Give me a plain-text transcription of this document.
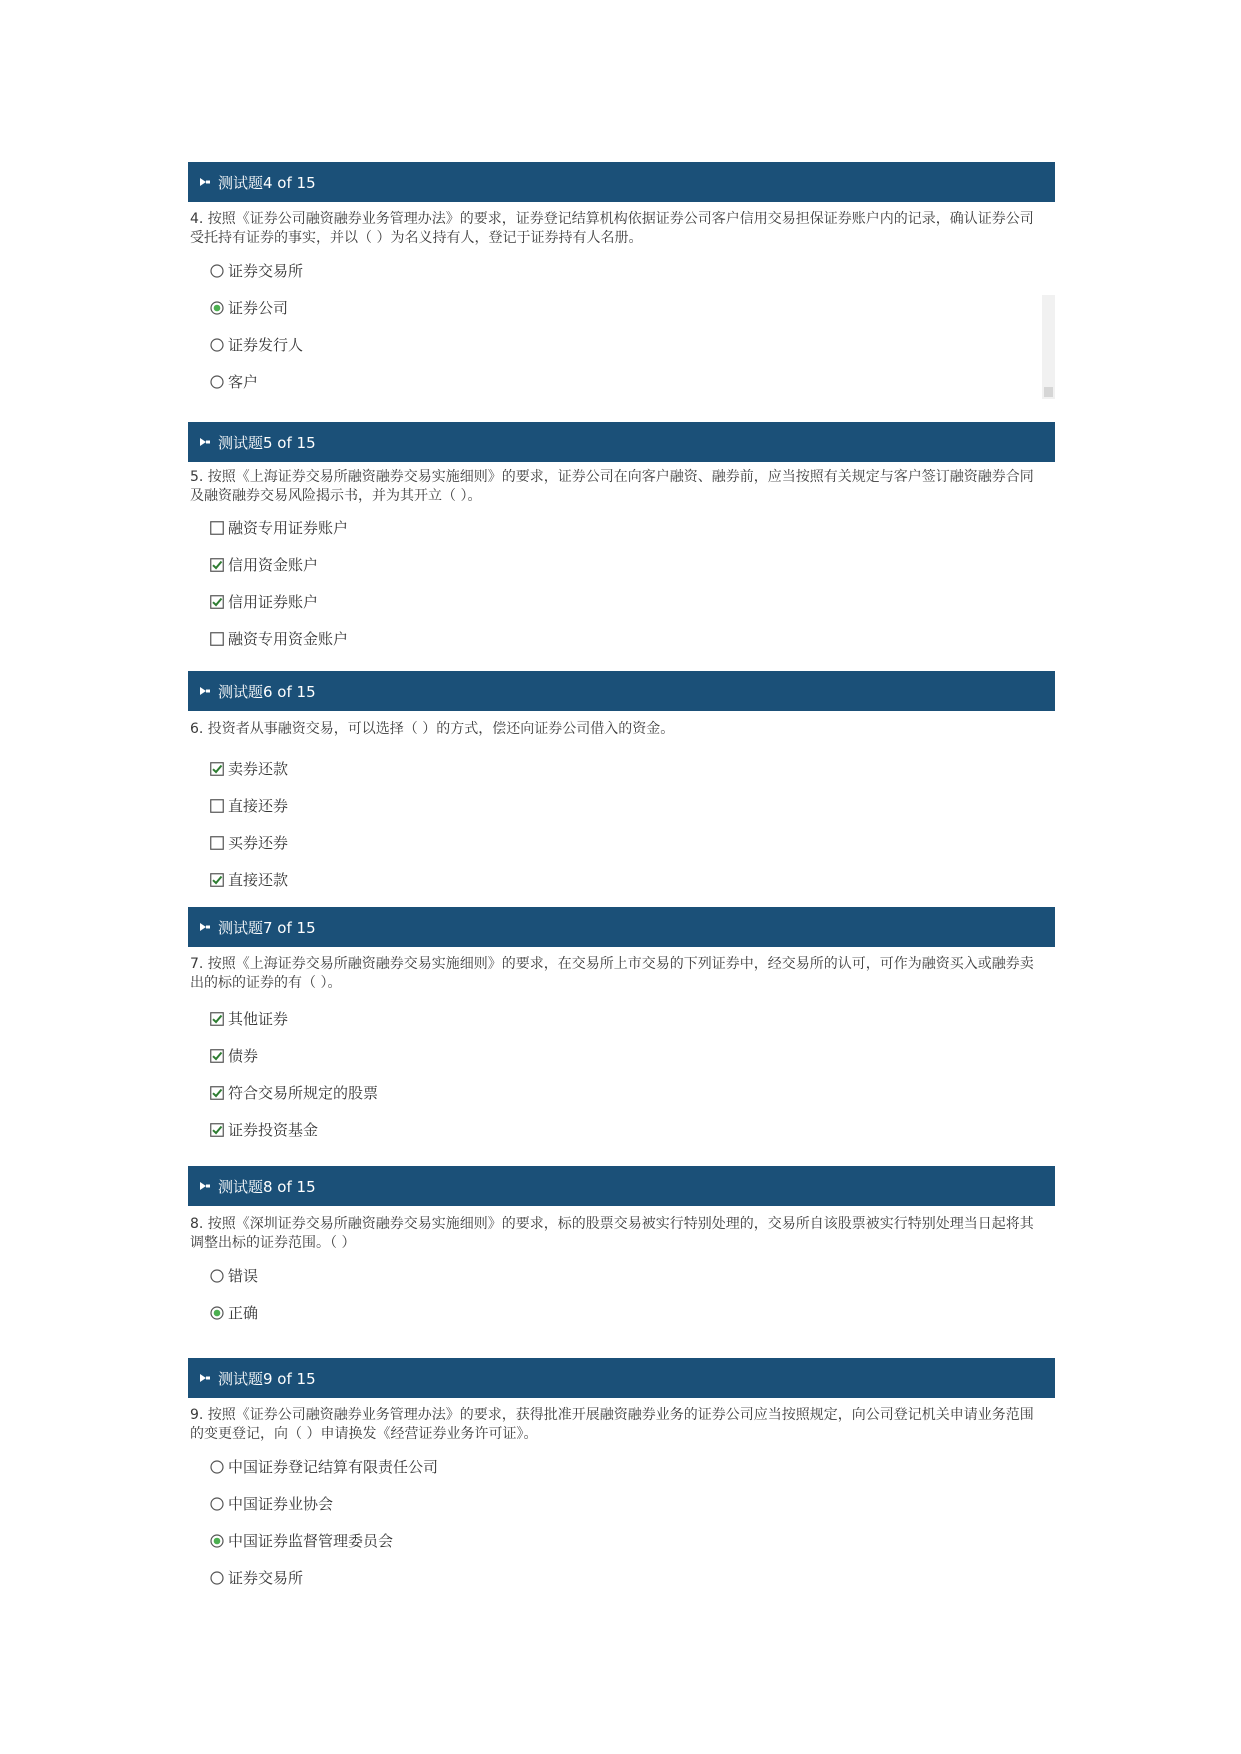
测试题4 of 15
4. 按照《证券公司融资融券业务管理办法》的要求，证券登记结算机构依据证券公司客户信用交易担保证券账户内的记录，确认证券公司受托持有证券的事实，并以（ ）为名义持有人，登记于证券持有人名册。
证券交易所
证券公司
证券发行人
客户
测试题5 of 15
5. 按照《上海证券交易所融资融券交易实施细则》的要求，证券公司在向客户融资、融券前，应当按照有关规定与客户签订融资融券合同及融资融券交易风险揭示书，并为其开立（ ）。
融资专用证券账户
信用资金账户
信用证券账户
融资专用资金账户
测试题6 of 15
6. 投资者从事融资交易，可以选择（ ）的方式，偿还向证券公司借入的资金。
卖券还款
直接还券
买券还券
直接还款
测试题7 of 15
7. 按照《上海证券交易所融资融券交易实施细则》的要求，在交易所上市交易的下列证券中，经交易所的认可，可作为融资买入或融券卖出的标的证券的有（ ）。
其他证券
债券
符合交易所规定的股票
证券投资基金
测试题8 of 15
8. 按照《深圳证券交易所融资融券交易实施细则》的要求，标的股票交易被实行特别处理的，交易所自该股票被实行特别处理当日起将其调整出标的证券范围。（ ）
错误
正确
测试题9 of 15
9. 按照《证券公司融资融券业务管理办法》的要求，获得批准开展融资融券业务的证券公司应当按照规定，向公司登记机关申请业务范围的变更登记，向（ ）申请换发《经营证券业务许可证》。
中国证券登记结算有限责任公司
中国证券业协会
中国证券监督管理委员会
证券交易所
